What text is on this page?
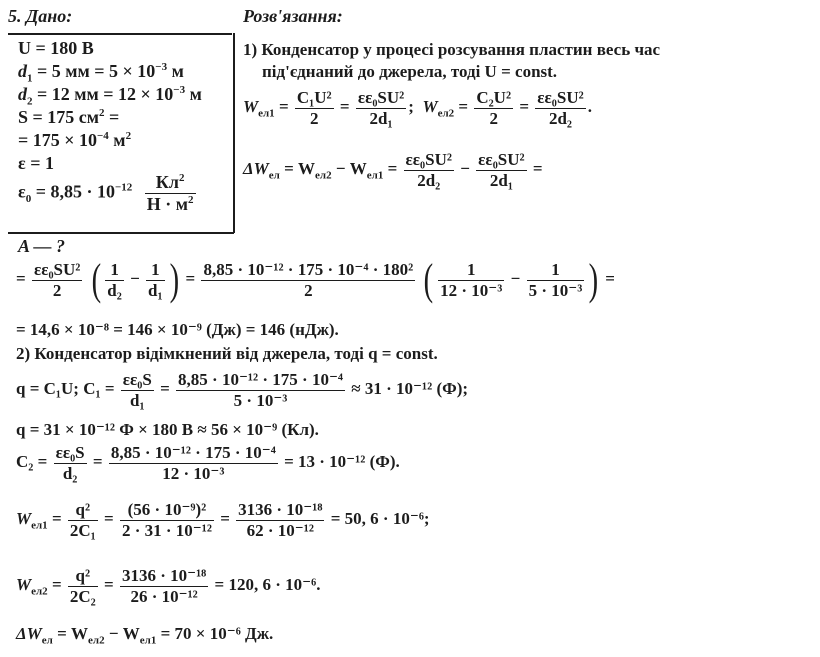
5. Дано:	Розв'язання:
U = 180 В
$d_1 = 5$ мм = $5 \times 10^{-3}$ м
$d_2 = 12$ мм = $12 \times 10^{-3}$ м
S = 175 $см^2$ =
= $175 \times 10^{-4}$ $м^2$
ε = 1
$\varepsilon_0 = 8,85 \cdot 10^{-12} \frac{Кл^2}{Н \cdot м^2}$
A — ?
1) Конденсатор у процесі розсування пластин весь час
під'єднаний до джерела, тоді U = const.
$W_{ел1} = \frac{\text{C₁U²}}{2} = \frac{\text{εε₀SU²}}{\text{2d₁}}$ ;  $W_{ел2} = \frac{\text{C₂U²}}{2} = \frac{\text{εε₀SU²}}{\text{2d₂}}$ .
$\Delta W_{ел} = W_{ел2} - W_{ел1} = \frac{\text{εε₀SU²}}{\text{2d₂}} - \frac{\text{εε₀SU²}}{\text{2d₁}}$ =
= $\frac{\text{εε₀SU²}}{2}$ ( $\frac{1}{\text{d₂}} - \frac{1}{\text{d₁}}$ ) = $\frac{\text{8,85 · 10⁻¹² · 175 · 10⁻⁴ · 180²}}{2}$ ( $\frac{1}{\text{12 · 10⁻³}} - \frac{1}{\text{5 · 10⁻³}}$ ) =
= 14,6 × 10⁻⁸ = 146 × 10⁻⁹ (Дж) = 146 (нДж).
2) Конденсатор відімкнений від джерела, тоді q = const.
q = C₁U; $C_1 = \frac{\text{εε₀S}}{\text{d₁}} = \frac{\text{8,85 · 10⁻¹² · 175 · 10⁻⁴}}{\text{5 · 10⁻³}} \approx 31 \cdot 10^{-12}$ (Ф);
q = 31 × 10⁻¹² Ф × 180 В ≈ 56 × 10⁻⁹ (Кл).
$C_2 = \frac{\text{εε₀S}}{\text{d₂}} = \frac{\text{8,85 · 10⁻¹² · 175 · 10⁻⁴}}{\text{12 · 10⁻³}} = 13 \cdot 10^{-12}$ (Ф).
$W_{ел1} = \frac{\text{q²}}{\text{2C₁}} = \frac{\text{(56 · 10⁻⁹)²}}{\text{2 · 31 · 10⁻¹²}} = \frac{\text{3136 · 10⁻¹⁸}}{\text{62 · 10⁻¹²}} = 50$, 6 · 10⁻⁶;
$W_{ел2} = \frac{\text{q²}}{\text{2C₂}} = \frac{\text{3136 · 10⁻¹⁸}}{\text{26 · 10⁻¹²}} = 120$, 6 · 10⁻⁶.
$\Delta W_{ел} = W_{ел2} - W_{ел1} = 70 \times 10^{-6}$ Дж.
